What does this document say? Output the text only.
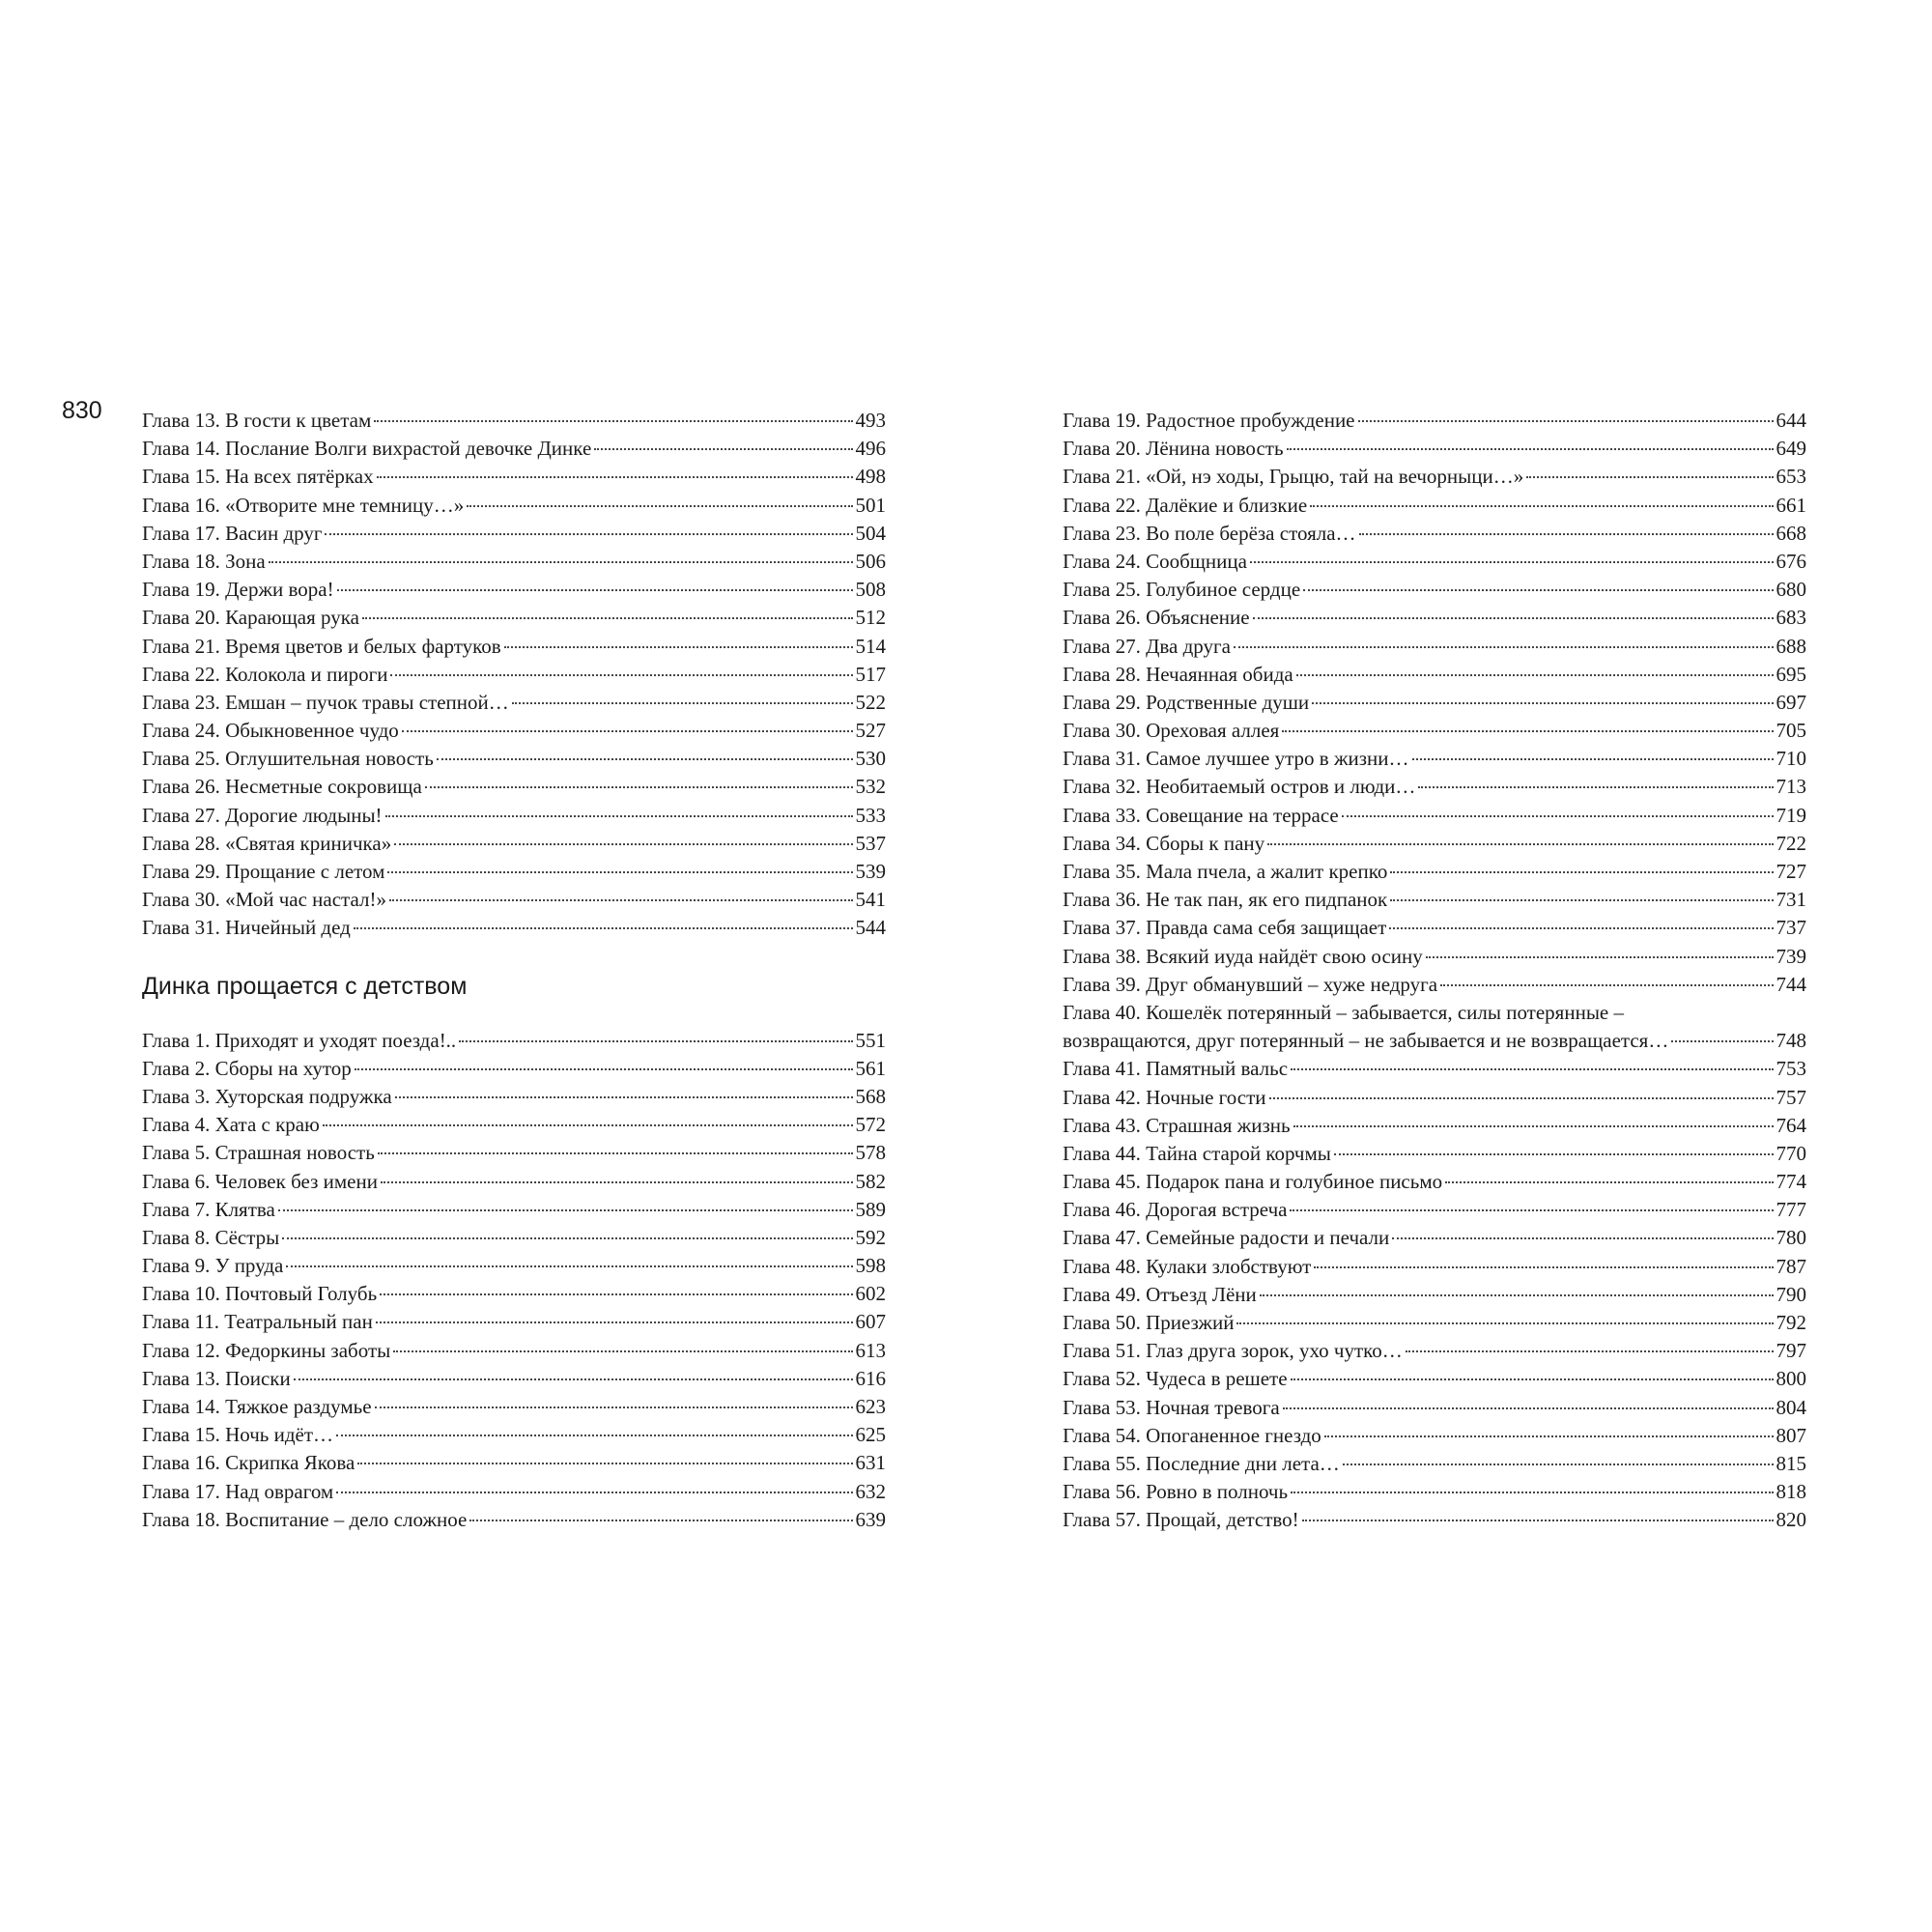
830 Глава 13. В гости к цветам	493
Глава 14. Послание Волги вихрастой девочке Динке	496
Глава 15. На всех пятёрках	498
Глава 16. «Отворите мне темницу…»	501
Глава 17. Васин друг	504
Глава 18. Зона	506
Глава 19. Держи вора!	508
Глава 20. Карающая рука	512
Глава 21. Время цветов и белых фартуков	514
Глава 22. Колокола и пироги	517
Глава 23. Емшан – пучок травы степной…	522
Глава 24. Обыкновенное чудо	527
Глава 25. Оглушительная новость	530
Глава 26. Несметные сокровища	532
Глава 27. Дорогие людыны!	533
Глава 28. «Святая криничка»	537
Глава 29. Прощание с летом	539
Глава 30. «Мой час настал!»	541
Глава 31. Ничейный дед	544
Динка прощается с детством
Глава 1. Приходят и уходят поезда!..	551
Глава 2. Сборы на хутор	561
Глава 3. Хуторская подружка	568
Глава 4. Хата с краю	572
Глава 5. Страшная новость	578
Глава 6. Человек без имени	582
Глава 7. Клятва	589
Глава 8. Сёстры	592
Глава 9. У пруда	598
Глава 10. Почтовый Голубь	602
Глава 11. Театральный пан	607
Глава 12. Федоркины заботы	613
Глава 13. Поиски	616
Глава 14. Тяжкое раздумье	623
Глава 15. Ночь идёт…	625
Глава 16. Скрипка Якова	631
Глава 17. Над оврагом	632
Глава 18. Воспитание – дело сложное	639
Глава 19. Радостное пробуждение	644
Глава 20. Лёнина новость	649
Глава 21. «Ой, нэ ходы, Грыцю, тай на вечорныци…»	653
Глава 22. Далёкие и близкие	661
Глава 23. Во поле берёза стояла…	668
Глава 24. Сообщница	676
Глава 25. Голубиное сердце	680
Глава 26. Объяснение	683
Глава 27. Два друга	688
Глава 28. Нечаянная обида	695
Глава 29. Родственные души	697
Глава 30. Ореховая аллея	705
Глава 31. Самое лучшее утро в жизни…	710
Глава 32. Необитаемый остров и люди…	713
Глава 33. Совещание на террасе	719
Глава 34. Сборы к пану	722
Глава 35. Мала пчела, а жалит крепко	727
Глава 36. Не так пан, як его пидпанок	731
Глава 37. Правда сама себя защищает	737
Глава 38. Всякий иуда найдёт свою осину	739
Глава 39. Друг обманувший – хуже недруга	744
Глава 40. Кошелёк потерянный – забывается, силы потерянные –
возвращаются, друг потерянный – не забывается и не возвращается…	748
Глава 41. Памятный вальс	753
Глава 42. Ночные гости	757
Глава 43. Страшная жизнь	764
Глава 44. Тайна старой корчмы	770
Глава 45. Подарок пана и голубиное письмо	774
Глава 46. Дорогая встреча	777
Глава 47. Семейные радости и печали	780
Глава 48. Кулаки злобствуют	787
Глава 49. Отъезд Лёни	790
Глава 50. Приезжий	792
Глава 51. Глаз друга зорок, ухо чутко…	797
Глава 52. Чудеса в решете	800
Глава 53. Ночная тревога	804
Глава 54. Опоганенное гнездо	807
Глава 55. Последние дни лета…	815
Глава 56. Ровно в полночь	818
Глава 57. Прощай, детство!	820
